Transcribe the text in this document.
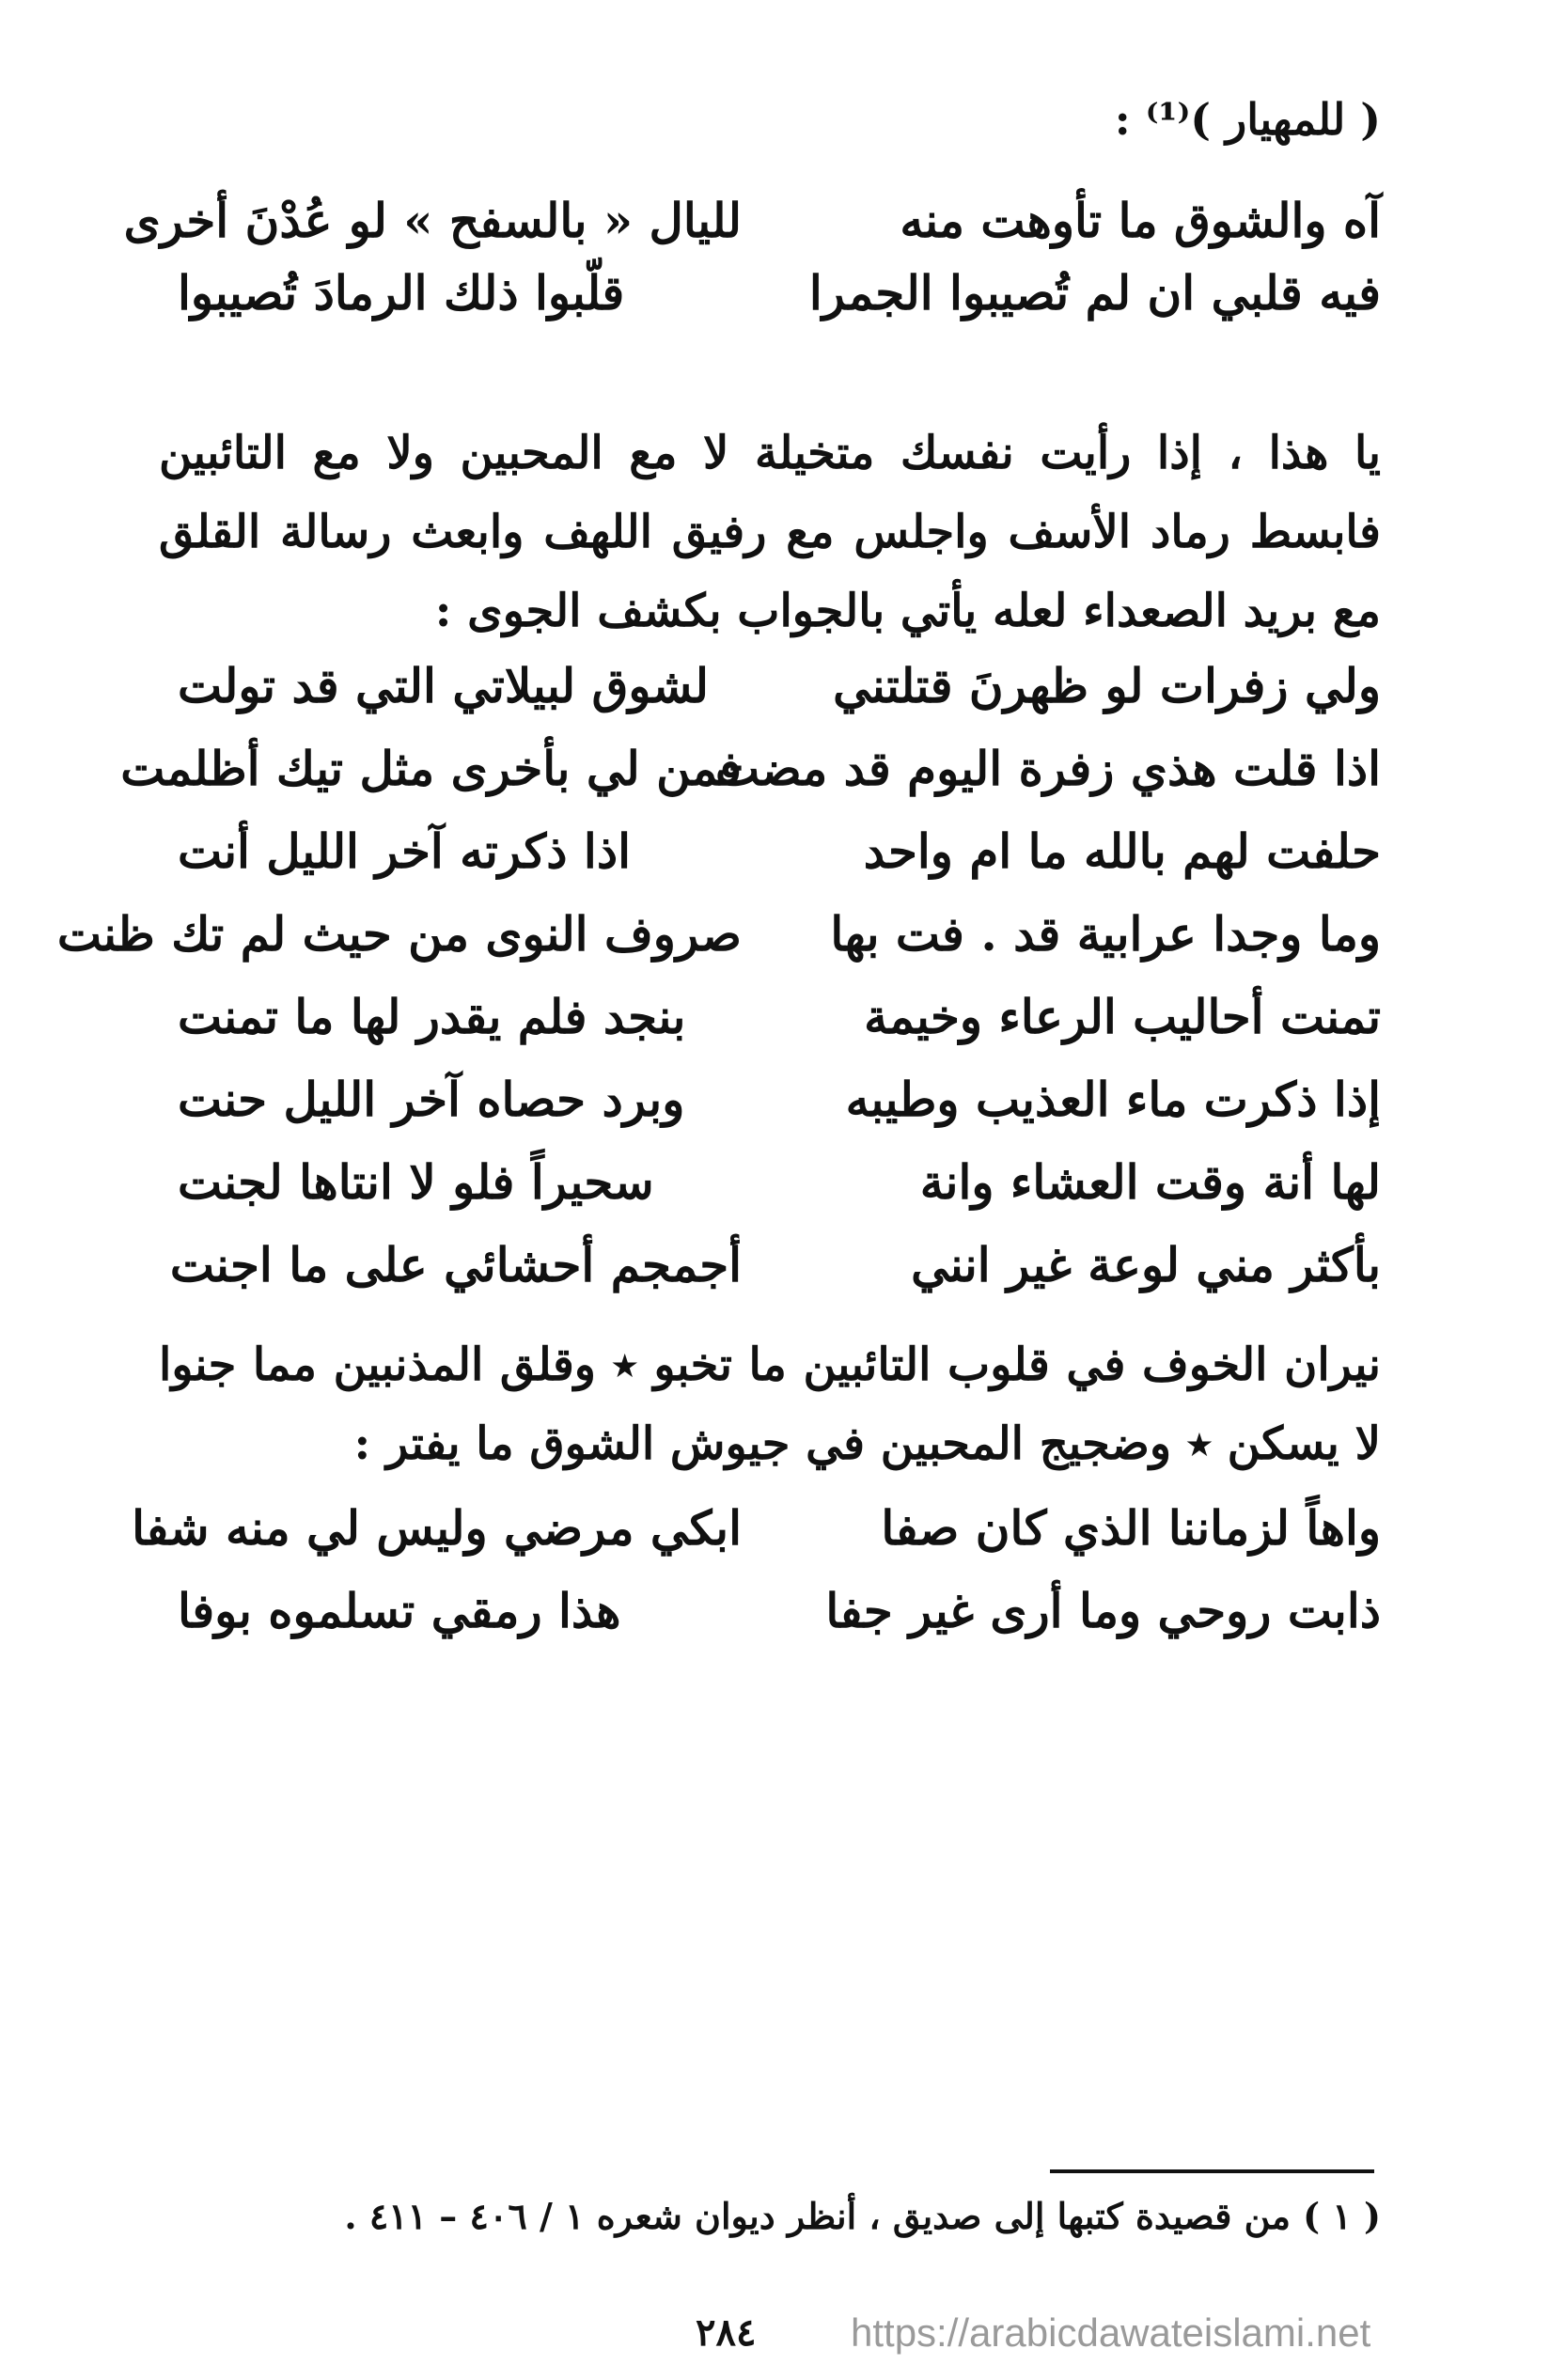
( للمهيار )⁽¹⁾ :
آه والشوق ما تأوهت منه
لليال « بالسفح » لو عُدْنَ أخرى
فيه قلبي ان لم تُصيبوا الجمرا
قلّبوا ذلك الرمادَ تُصيبوا

يا هذا ، إذا رأيت نفسك متخيلة لا مع المحبين ولا مع التائبين فابسط رماد الأسف واجلس مع رفيق اللهف وابعث رسالة القلق مع بريد الصعداء لعله يأتي بالجواب بكشف الجوى :

ولي زفرات لو ظهرنَ قتلتني
لشوق لبيلاتي التي قد تولت
اذا قلت هذي زفرة اليوم قد مضت
فمن لي بأخرى مثل تيك أظلمت
حلفت لهم بالله ما ام واحد
اذا ذكرته آخر الليل أنت
وما وجدا عرابية قد . فت بها
صروف النوى من حيث لم تك ظنت
تمنت أحاليب الرعاء وخيمة
بنجد فلم يقدر لها ما تمنت
إذا ذكرت ماء العذيب وطيبه
وبرد حصاه آخر الليل حنت
لها أنة وقت العشاء وانة
سحيراً فلو لا انتاها لجنت
بأكثر مني لوعة غير انني
أجمجم أحشائي على ما اجنت

نيران الخوف في قلوب التائبين ما تخبو ٭ وقلق المذنبين مما جنوا لا يسكن ٭ وضجيج المحبين في جيوش الشوق ما يفتر :

واهاً لزماننا الذي كان صفا
ابكي مرضي وليس لي منه شفا
ذابت روحي وما أرى غير جفا
هذا رمقي تسلموه بوفا
( ١ ) من قصيدة كتبها إلى صديق ، أنظر ديوان شعره ١ / ٤٠٦ – ٤١١ .
٢٨٤ https://arabicdawateislami.net
